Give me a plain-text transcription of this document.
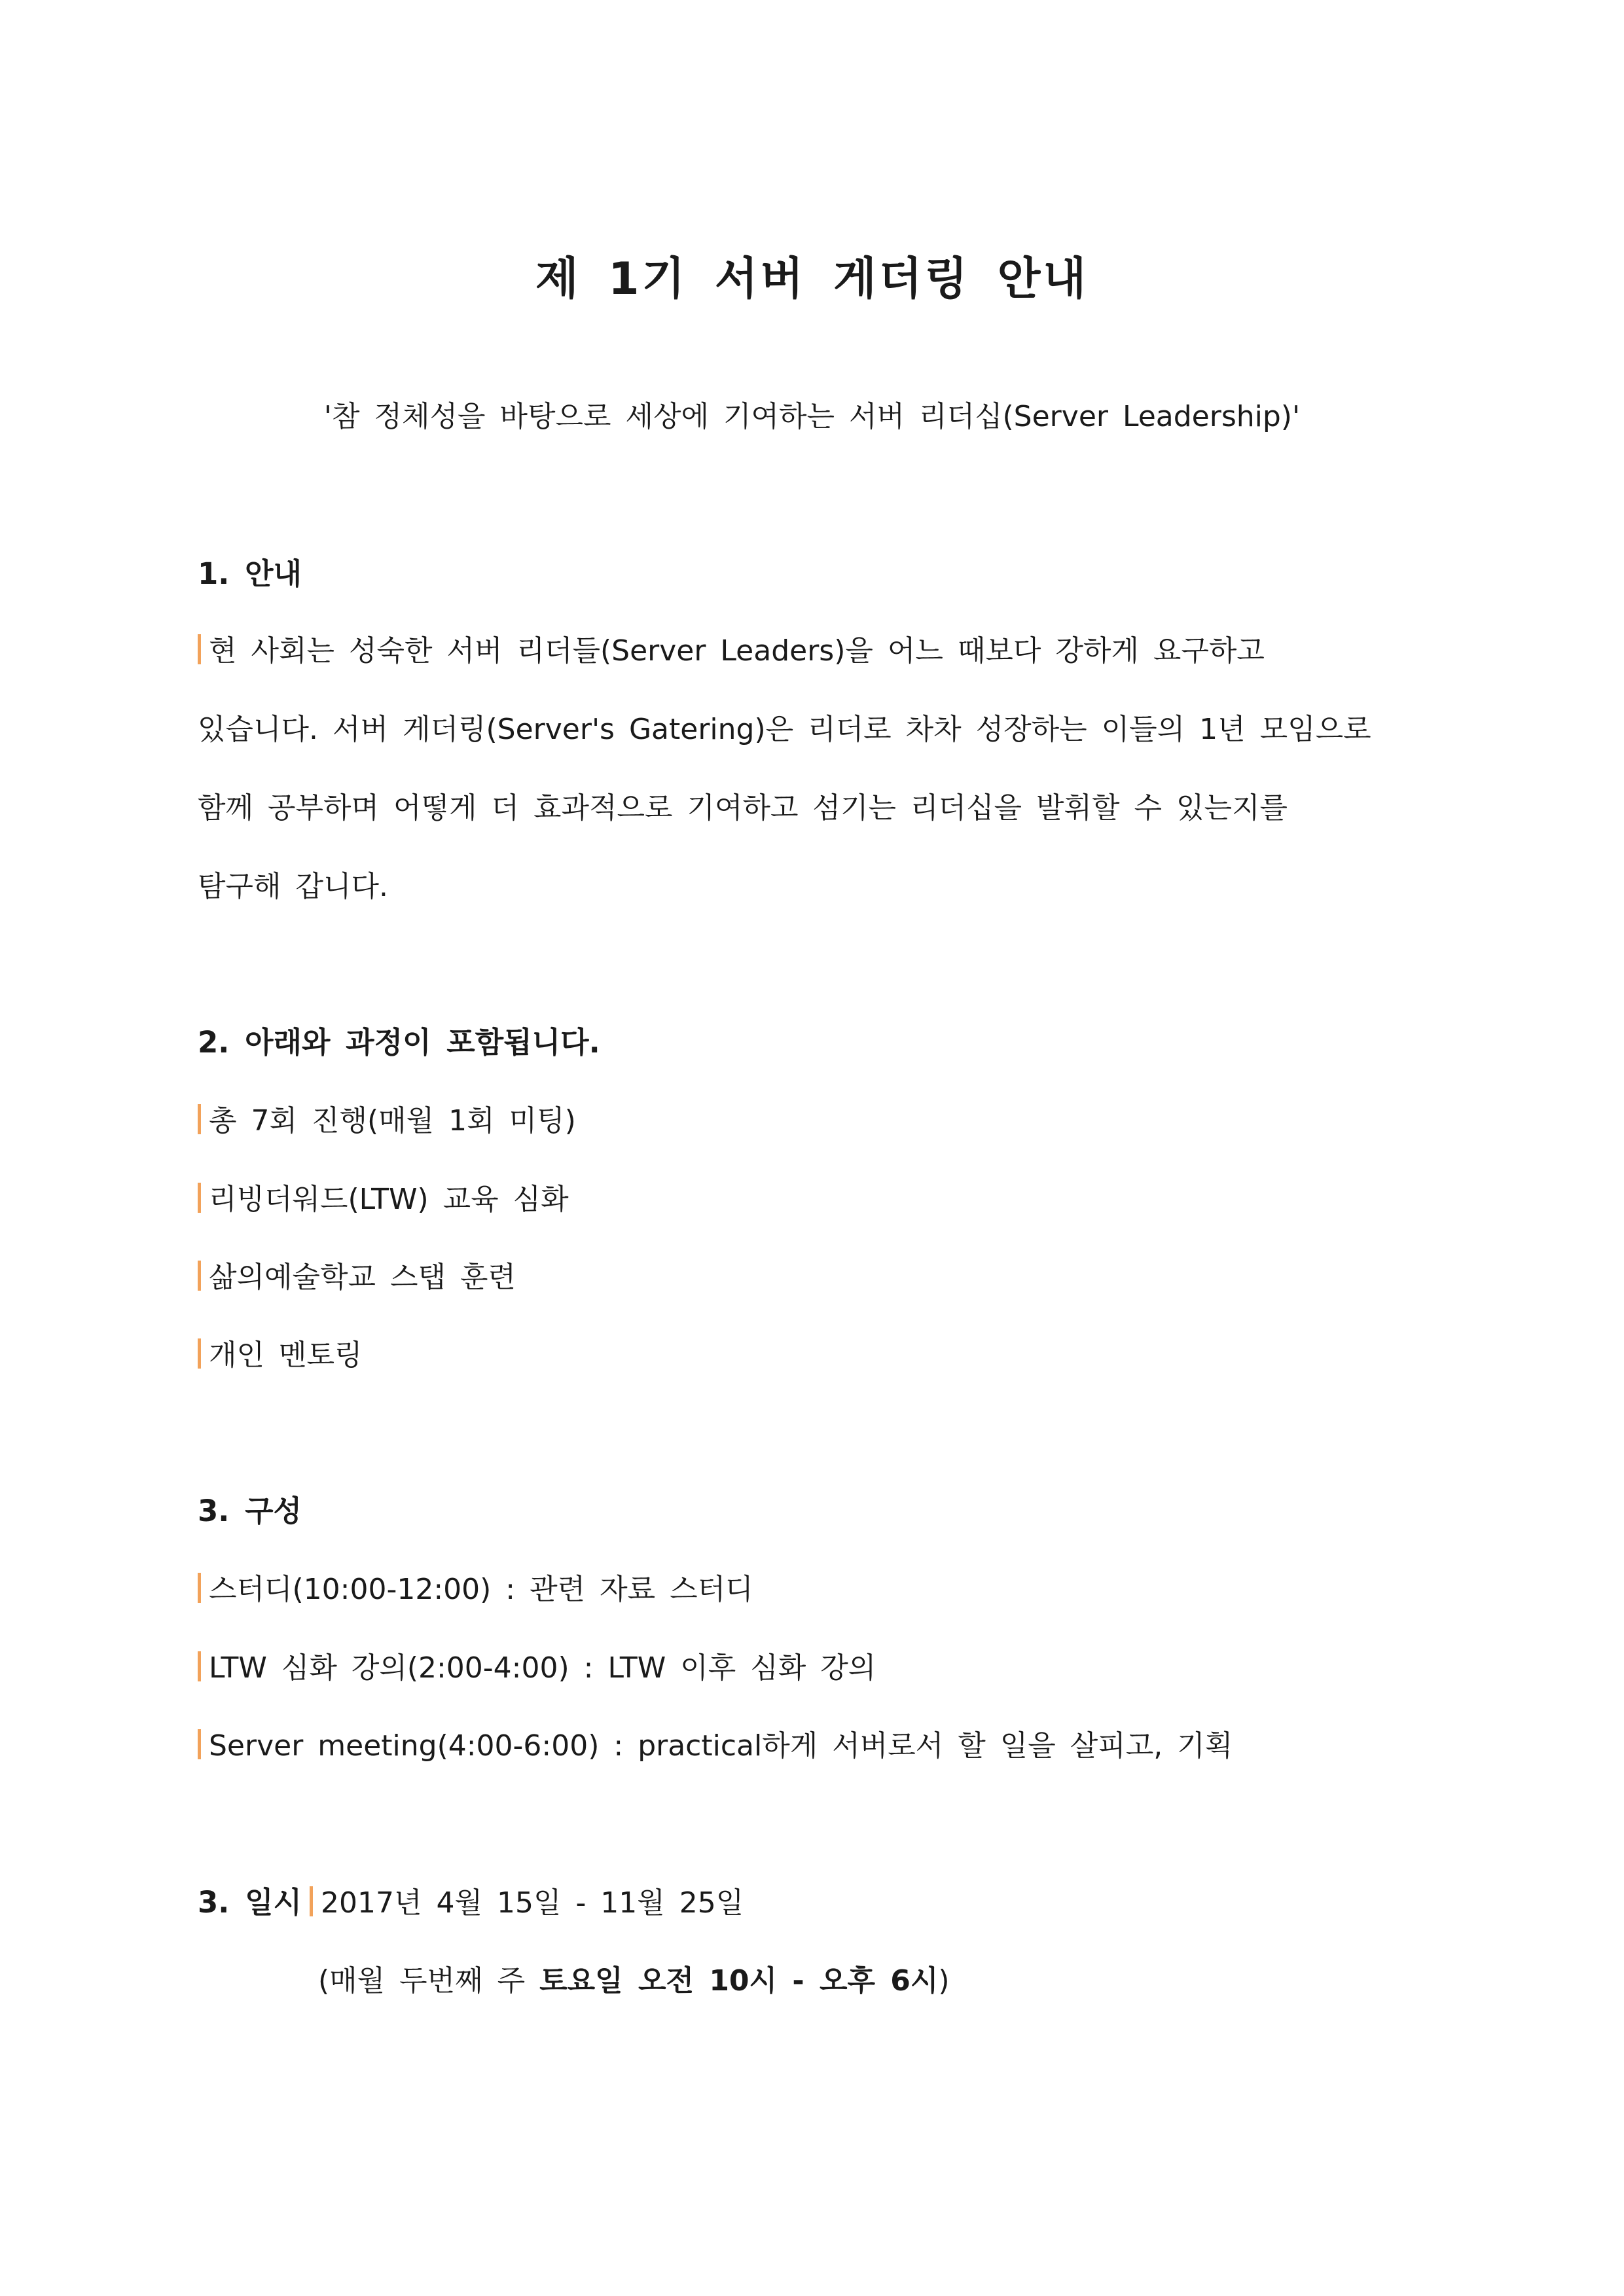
제 1기 서버 게더링 안내
'참 정체성을 바탕으로 세상에 기여하는 서버 리더십(Server Leadership)'
1. 안내
현 사회는 성숙한 서버 리더들(Server Leaders)을 어느 때보다 강하게 요구하고
있습니다. 서버 게더링(Server's Gatering)은 리더로 차차 성장하는 이들의 1년 모임으로
함께 공부하며 어떻게 더 효과적으로 기여하고 섬기는 리더십을 발휘할 수 있는지를
탐구해 갑니다.
2. 아래와 과정이 포함됩니다.
총 7회 진행(매월 1회 미팅)
리빙더워드(LTW) 교육 심화
삶의예술학교 스탭 훈련
개인 멘토링
3. 구성
스터디(10:00-12:00) : 관련 자료 스터디
LTW 심화 강의(2:00-4:00) : LTW 이후 심화 강의
Server meeting(4:00-6:00) : practical하게 서버로서 할 일을 살피고, 기획
3. 일시 2017년 4월 15일 - 11월 25일
(매월 두번째 주 토요일 오전 10시 - 오후 6시)
